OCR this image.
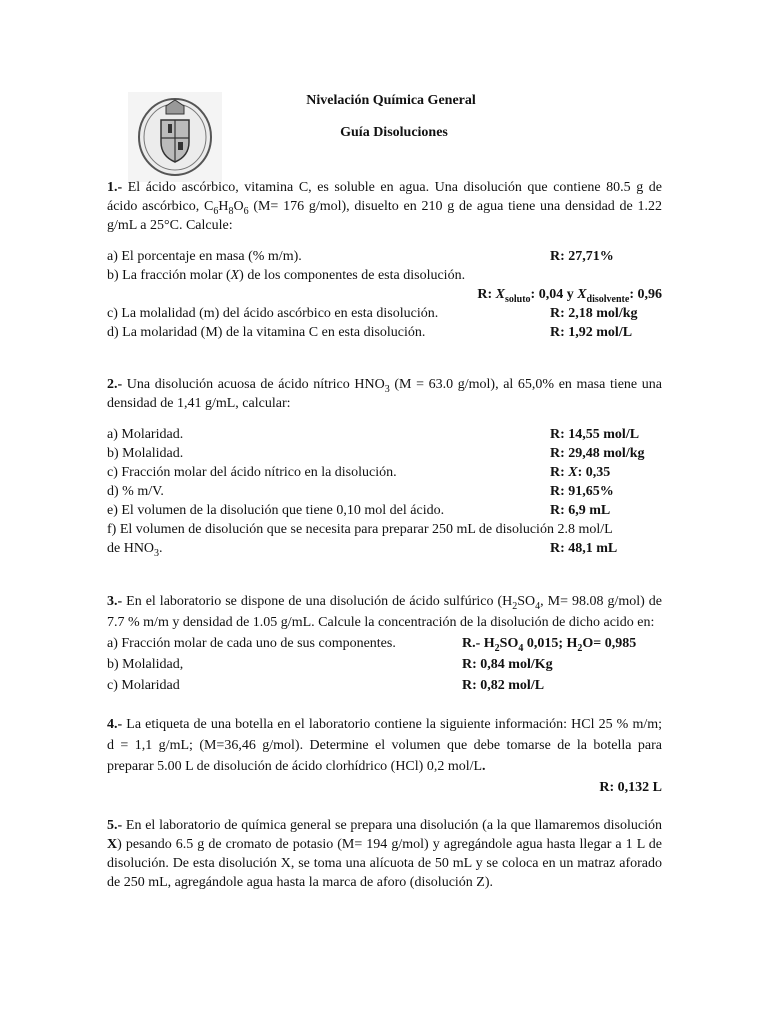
Nivelación Química General
Guía Disoluciones

1.- El ácido ascórbico, vitamina C, es soluble en agua. Una disolución que contiene 80.5 g de ácido ascórbico, $C_6H_8O_6$ (M= 176 g/mol), disuelto en 210 g de agua tiene una densidad de 1.22 g/mL a 25°C. Calcule:

a) El porcentaje en masa (% m/m).	R: 27,71%
b) La fracción molar (X) de los componentes de esta disolución.
R: $X_{soluto}$: 0,04 y $X_{disolvente}$: 0,96
c) La molalidad (m) del ácido ascórbico en esta disolución.	R: 2,18 mol/kg
d) La molaridad (M) de la vitamina C en esta disolución.	R: 1,92 mol/L

2.- Una disolución acuosa de ácido nítrico $HNO_3$ (M = 63.0 g/mol), al 65,0% en masa tiene una densidad de 1,41 g/mL, calcular:

a) Molaridad.	R: 14,55 mol/L
b) Molalidad.	R: 29,48 mol/kg
c) Fracción molar del ácido nítrico en la disolución.	R: X: 0,35
d) % m/V.	R: 91,65%
e) El volumen de la disolución que tiene 0,10 mol del ácido.	R: 6,9 mL
f) El volumen de disolución que se necesita para preparar 250 mL de disolución 2.8 mol/L
de $HNO_3$.	R: 48,1 mL

3.- En el laboratorio se dispone de una disolución de ácido sulfúrico ($H_2SO_4$, M= 98.08 g/mol) de 7.7 % m/m y densidad de 1.05 g/mL. Calcule la concentración de la disolución de dicho acido en:

a) Fracción molar de cada uno de sus componentes.	R.- $H_2SO_4$ 0,015; $H_2O= 0,985$
b) Molalidad,	R: 0,84 mol/Kg
c) Molaridad	R: 0,82 mol/L

4.- La etiqueta de una botella en el laboratorio contiene la siguiente información: HCl 25 % m/m; d = 1,1 g/mL; (M=36,46 g/mol). Determine el volumen que debe tomarse de la botella para preparar 5.00 L de disolución de ácido clorhídrico (HCl) 0,2 mol/L.

R: 0,132 L

5.- En el laboratorio de química general se prepara una disolución (a la que llamaremos disolución X) pesando 6.5 g de cromato de potasio (M= 194 g/mol) y agregándole agua hasta llegar a 1 L de disolución. De esta disolución X, se toma una alícuota de 50 mL y se coloca en un matraz aforado de 250 mL, agregándole agua hasta la marca de aforo (disolución Z).
